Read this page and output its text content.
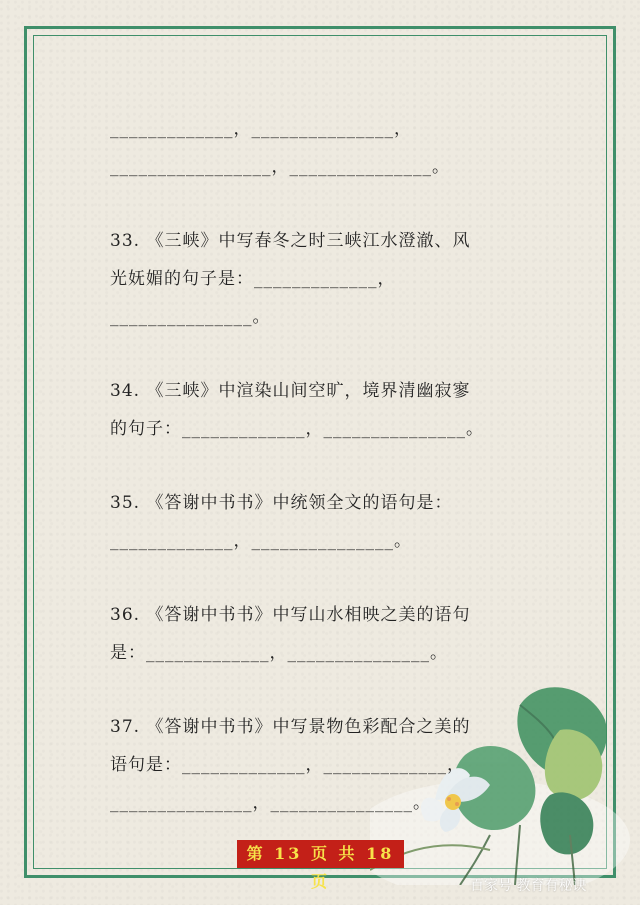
_____________，_______________，

_________________，_______________。

33. 《三峡》中写春冬之时三峡江水澄澈、风

光妩媚的句子是：_____________，

_______________。

34. 《三峡》中渲染山间空旷，境界清幽寂寥

的句子：_____________，_______________。

35. 《答谢中书书》中统领全文的语句是：

_____________，_______________。

36. 《答谢中书书》中写山水相映之美的语句

是：_____________，_______________。

37. 《答谢中书书》中写景物色彩配合之美的

语句是：_____________，_____________，

_______________，_______________。

第 13 页 共 18 页	百家号 教育有秘诀
